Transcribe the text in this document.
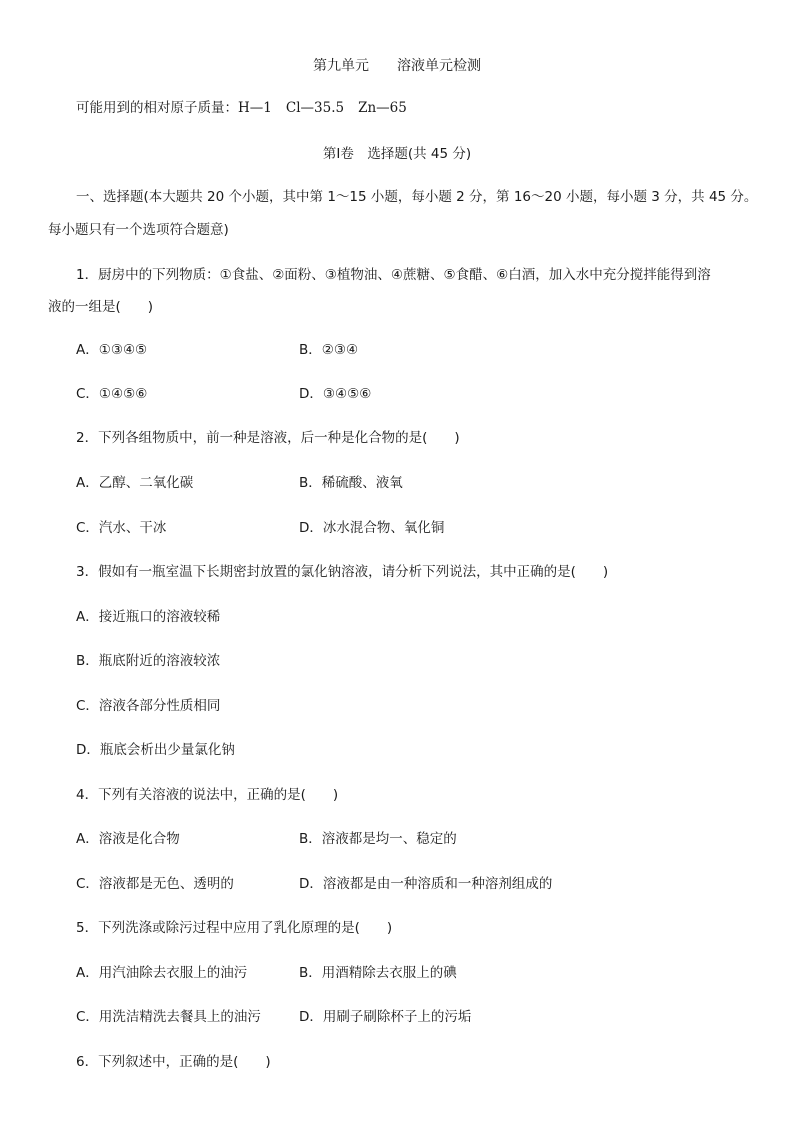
第九单元 溶液单元检测
可能用到的相对原子质量：H—1 Cl—35.5 Zn—65
第Ⅰ卷　选择题(共 45 分)
一、选择题(本大题共 20 个小题，其中第 1～15 小题，每小题 2 分，第 16～20 小题，每小题 3 分，共 45 分。
每小题只有一个选项符合题意)
1．厨房中的下列物质：①食盐、②面粉、③植物油、④蔗糖、⑤食醋、⑥白酒，加入水中充分搅拌能得到溶
液的一组是(　　)
A．①③④⑤	B．②③④
C．①④⑤⑥	D．③④⑤⑥
2．下列各组物质中，前一种是溶液，后一种是化合物的是(　　)
A．乙醇、二氧化碳	B．稀硫酸、液氧
C．汽水、干冰	D．冰水混合物、氧化铜
3．假如有一瓶室温下长期密封放置的氯化钠溶液，请分析下列说法，其中正确的是(　　)
A．接近瓶口的溶液较稀
B．瓶底附近的溶液较浓
C．溶液各部分性质相同
D．瓶底会析出少量氯化钠
4．下列有关溶液的说法中，正确的是(　　)
A．溶液是化合物	B．溶液都是均一、稳定的
C．溶液都是无色、透明的	D．溶液都是由一种溶质和一种溶剂组成的
5．下列洗涤或除污过程中应用了乳化原理的是(　　)
A．用汽油除去衣服上的油污	B．用酒精除去衣服上的碘
C．用洗洁精洗去餐具上的油污	D．用刷子刷除杯子上的污垢
6．下列叙述中，正确的是(　　)
